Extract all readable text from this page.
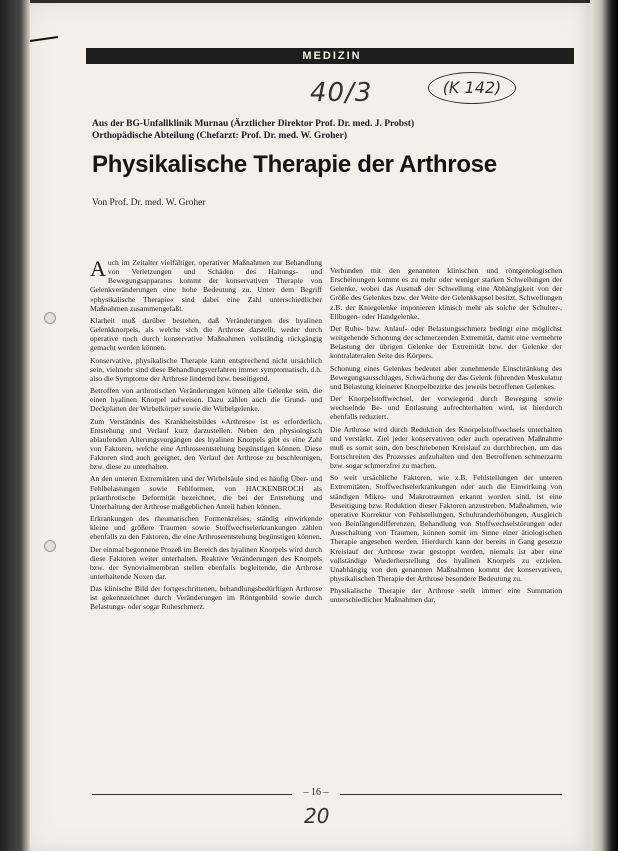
MEDIZIN
40/3	(K 142)
Aus der BG-Unfallklinik Murnau (Ärztlicher Direktor Prof. Dr. med. J. Probst)
Orthopädische Abteilung (Chefarzt: Prof. Dr. med. W. Groher)
Physikalische Therapie der Arthrose
Von Prof. Dr. med. W. Groher

Auch im Zeitalter vielfältiger, operativer Maßnahmen zur Behandlung von Verletzungen und Schäden des Haltungs- und Bewegungsapparates kommt der konservativen Therapie von Gelenkveränderungen eine hohe Bedeutung zu. Unter dem Begriff »physikalische Therapie« sind dabei eine Zahl unterschiedlicher Maßnahmen zusammengefaßt.

Klarheit muß darüber bestehen, daß Veränderungen des hyalinen Gelenkknorpels, als welche sich die Arthrose darstellt, weder durch operative noch durch konservative Maßnahmen vollständig rückgängig gemacht werden können.

Konservative, physikalische Therapie kann entsprechend nicht ursächlich sein, vielmehr sind diese Behandlungsverfahren immer symptomatisch, d.h. also die Symptome der Arthrose lindernd bzw. beseitigend.

Betroffen von arthrotischen Veränderungen können alle Gelenke sein, die einen hyalinen Knorpel aufweisen. Dazu zählen auch die Grund- und Deckplatten der Wirbelkörper sowie die Wirbelgelenke.

Zum Verständnis des Krankheitsbildes »Arthrose« ist es erforderlich, Entstehung und Verlauf kurz darzustellen. Neben den physiologisch ablaufenden Alterungsvorgängen des hyalinen Knorpels gibt es eine Zahl von Faktoren, welche eine Arthroseentstehung begünstigen können. Diese Faktoren sind auch geeignet, den Verlauf der Arthrose zu beschleunigen, bzw. diese zu unterhalten.

An den unteren Extremitäten und der Wirbelsäule sind es häufig Über- und Fehlbelastungen sowie Fehlformen, von HACKENBROCH als präarthrotische Deformität bezeichnet, die bei der Entstehung und Unterhaltung der Arthrose maßgeblichen Anteil haben können.

Erkrankungen des rheumatischen Formenkreises, ständig einwirkende kleine und größere Traumen sowie Stoffwechselerkrankungen zählen ebenfalls zu den Faktoren, die eine Arthroseentstehung begünstigen können.

Der einmal begonnene Prozeß im Bereich des hyalinen Knorpels wird durch diese Faktoren weiter unterhalten. Reaktive Veränderungen des Knorpels bzw. der Synovialmembran stellen ebenfalls begleitende, die Arthrose unterhaltende Noxen dar.

Das klinische Bild der fortgeschrittenen, behandlungsbedürftigen Arthrose ist gekennzeichnet durch Veränderungen im Röntgenbild sowie durch Belastungs- oder sogar Ruheschmerz.

Verbunden mit den genannten klinischen und röntgenologischen Erscheinungen kommt es zu mehr oder weniger starken Schwellungen der Gelenke, wobei das Ausmaß der Schwellung eine Abhängigkeit von der Größe des Gelenkes bzw. der Weite der Gelenkkapsel besitzt. Schwellungen z.B. der Kniegelenke imponieren klinisch mehr als solche der Schulter-, Ellbogen- oder Handgelenke.

Der Ruhe- bzw. Anlauf- oder Belastungsschmerz bedingt eine möglichst weitgehende Schonung der schmerzenden Extremität, damit eine vermehrte Belastung der übrigen Gelenke der Extremität bzw. der Gelenke der kontralateralen Seite des Körpers.

Schonung eines Gelenkes bedeutet aber zunehmende Einschränkung des Bewegungsausschlages, Schwächung der das Gelenk führenden Muskulatur und Belastung kleinerer Knorpelbezirke des jeweils betroffenen Gelenkes.

Der Knorpelstoffwechsel, der vorwiegend durch Bewegung sowie wechselnde Be- und Entlastung aufrechterhalten wird, ist hierdurch ebenfalls reduziert.

Die Arthrose wird durch Reduktion des Knorpelstoffwechsels unterhalten und verstärkt. Ziel jeder konservativen oder auch operativen Maßnahme muß es somit sein, den beschriebenen Kreislauf zu durchbrechen, um das Fortschreiten des Prozesses aufzuhalten und den Betroffenen schmerzarm bzw. sogar schmerzfrei zu machen.

So weit ursächliche Faktoren, wie z.B. Fehlstellungen der unteren Extremitäten, Stoffwechselerkrankungen oder auch die Einwirkung von ständigen Mikro- und Makrotraumen erkannt worden sind, ist eine Beseitigung bzw. Reduktion dieser Faktoren anzustreben. Maßnahmen, wie operative Korrektur von Fehlstellungen, Schuhranderhöhungen, Ausgleich von Beinlängendifferenzen, Behandlung von Stoffwechselstörungen oder Ausschaltung von Traumen, können somit im Sinne einer ätiologischen Therapie angesehen werden. Hierdurch kann der bereits in Gang gesetzte Kreislauf der Arthrose zwar gestoppt werden, niemals ist aber eine vollständige Wiederherstellung des hyalinen Knorpels zu erzielen. Unabhängig von den genannten Maßnahmen kommt der konservativen, physikalischen Therapie der Arthrose besondere Bedeutung zu.

Physikalische Therapie der Arthrose stellt immer eine Summation unterschiedlicher Maßnahmen dar,

– 16 –
20
